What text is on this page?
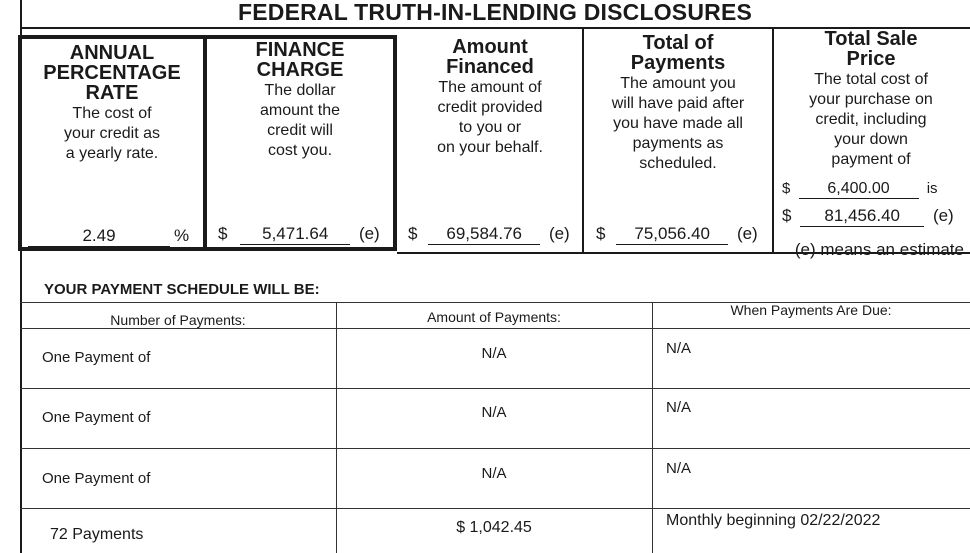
FEDERAL TRUTH-IN-LENDING DISCLOSURES
ANNUAL
PERCENTAGE
RATE
The cost of
your credit as
a yearly rate.
2.49	%
FINANCE
CHARGE
The dollar
amount the
credit will
cost you.
$ 5,471.64 (e)
Amount
Financed
The amount of
credit provided
to you or
on your behalf.
$ 69,584.76 (e)
Total of
Payments
The amount you
will have paid after
you have made all
payments as
scheduled.
$ 75,056.40 (e)
Total Sale
Price
The total cost of
your purchase on
credit, including
your down
payment of
$ 6,400.00 is
$ 81,456.40 (e)
(e) means an estimate
YOUR PAYMENT SCHEDULE WILL BE:
Number of Payments:	Amount of Payments:	When Payments Are Due:
One Payment of	N/A	N/A
One Payment of	N/A	N/A
One Payment of	N/A	N/A
72 Payments	$ 1,042.45	Monthly beginning 02/22/2022
